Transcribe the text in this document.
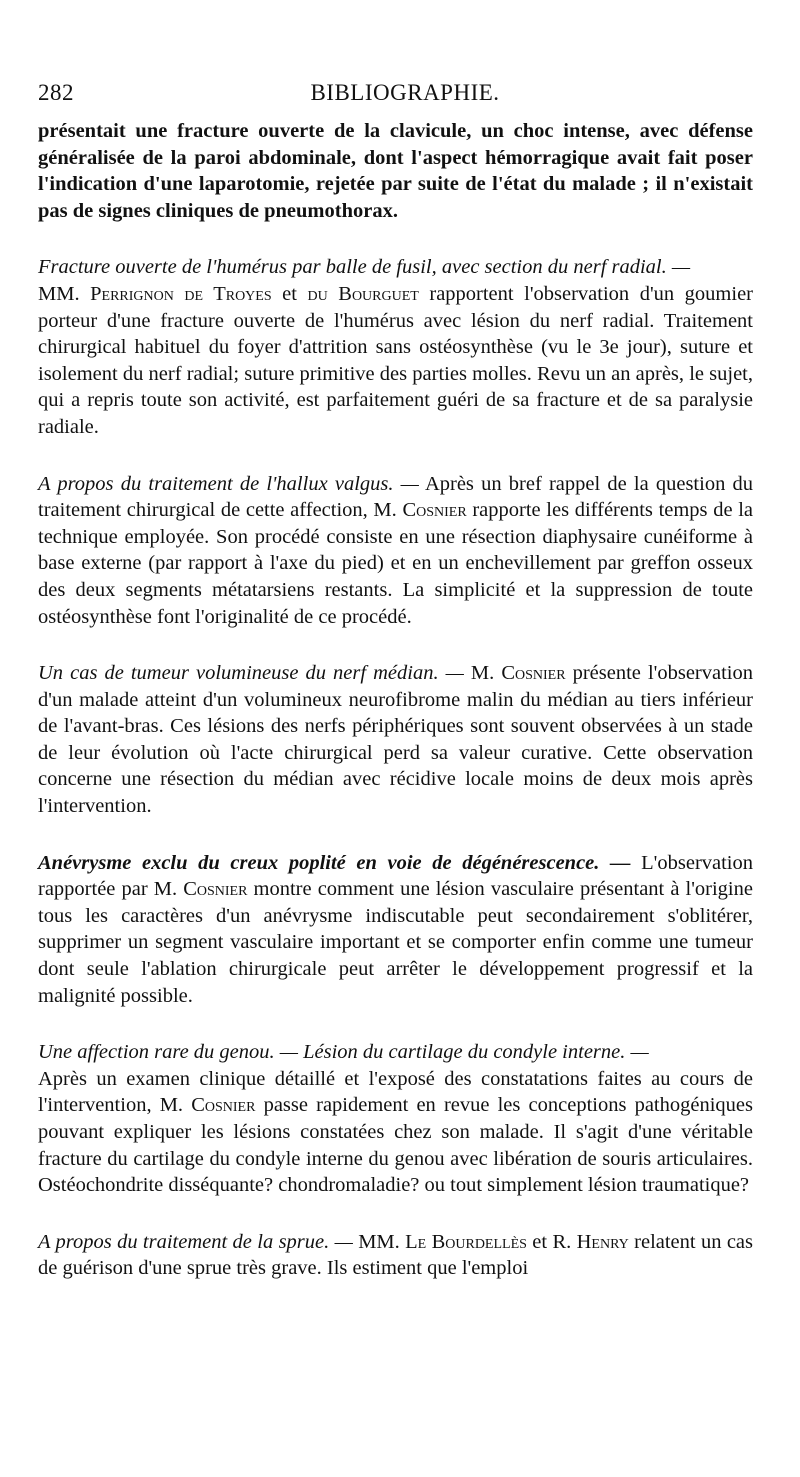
282	BIBLIOGRAPHIE.

présentait une fracture ouverte de la clavicule, un choc intense, avec défense généralisée de la paroi abdominale, dont l'aspect hémorragique avait fait poser l'indication d'une laparotomie, rejetée par suite de l'état du malade ; il n'existait pas de signes cliniques de pneumothorax.

Fracture ouverte de l'humérus par balle de fusil, avec section du nerf radial. —
MM. Perrignon de Troyes et du Bourguet rapportent l'observation d'un goumier porteur d'une fracture ouverte de l'humérus avec lésion du nerf radial. Traitement chirurgical habituel du foyer d'attrition sans ostéosynthèse (vu le 3e jour), suture et isolement du nerf radial; suture primitive des parties molles. Revu un an après, le sujet, qui a repris toute son activité, est parfaitement guéri de sa fracture et de sa paralysie radiale.

A propos du traitement de l'hallux valgus. — Après un bref rappel de la question du traitement chirurgical de cette affection, M. Cosnier rapporte les différents temps de la technique employée. Son procédé consiste en une résection diaphysaire cunéiforme à base externe (par rapport à l'axe du pied) et en un enchevillement par greffon osseux des deux segments métatarsiens restants. La simplicité et la suppression de toute ostéosynthèse font l'originalité de ce procédé.

Un cas de tumeur volumineuse du nerf médian. — M. Cosnier présente l'observation d'un malade atteint d'un volumineux neurofibrome malin du médian au tiers inférieur de l'avant-bras. Ces lésions des nerfs périphériques sont souvent observées à un stade de leur évolution où l'acte chirurgical perd sa valeur curative. Cette observation concerne une résection du médian avec récidive locale moins de deux mois après l'intervention.

Anévrysme exclu du creux poplité en voie de dégénérescence. — L'observation rapportée par M. Cosnier montre comment une lésion vasculaire présentant à l'origine tous les caractères d'un anévrysme indiscutable peut secondairement s'oblitérer, supprimer un segment vasculaire important et se comporter enfin comme une tumeur dont seule l'ablation chirurgicale peut arrêter le développement progressif et la malignité possible.

Une affection rare du genou. — Lésion du cartilage du condyle interne. —
Après un examen clinique détaillé et l'exposé des constatations faites au cours de l'intervention, M. Cosnier passe rapidement en revue les conceptions pathogéniques pouvant expliquer les lésions constatées chez son malade. Il s'agit d'une véritable fracture du cartilage du condyle interne du genou avec libération de souris articulaires. Ostéochondrite disséquante? chondromaladie? ou tout simplement lésion traumatique?

A propos du traitement de la sprue. — MM. Le Bourdellès et R. Henry relatent un cas de guérison d'une sprue très grave. Ils estiment que l'emploi
